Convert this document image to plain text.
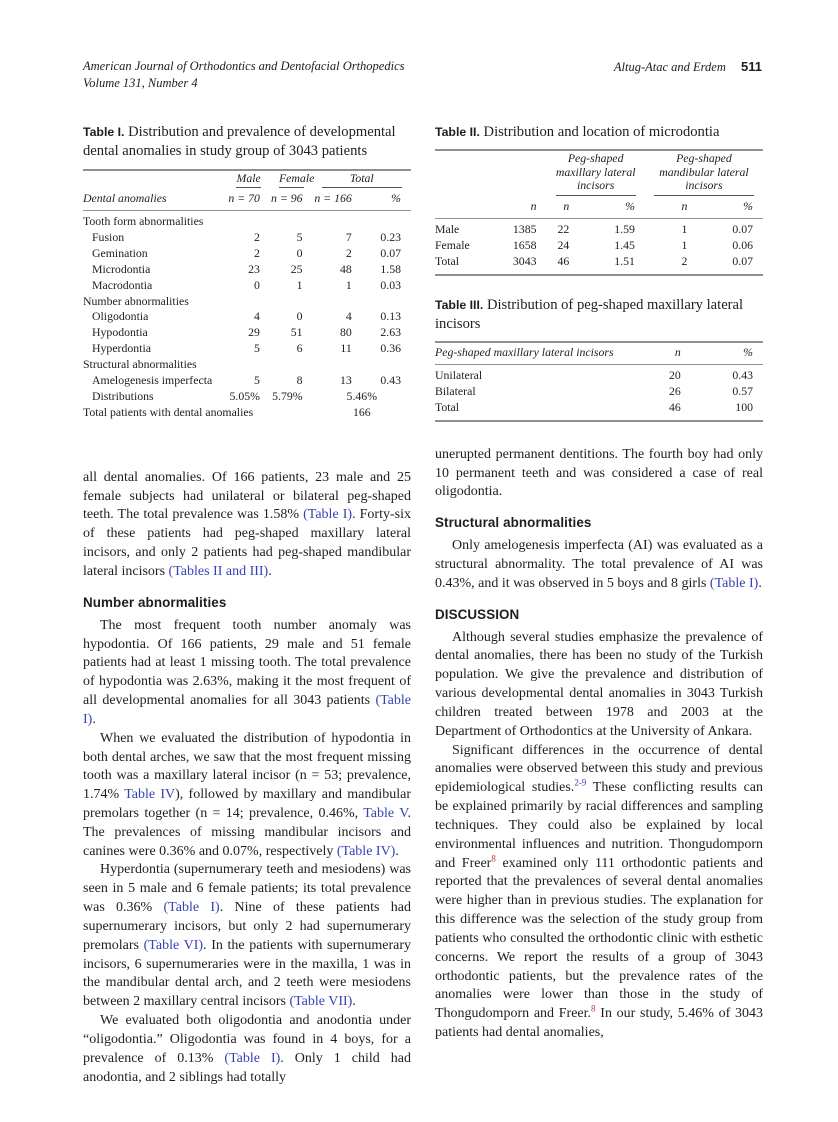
American Journal of Orthodontics and Dentofacial Orthopedics
Volume 131, Number 4
Altug-Atac and Erdem 511

Table I. Distribution and prevalence of developmental dental anomalies in study group of 3043 patients

	Male	Female	Total	

Dental anomalies	n = 70	n = 96	n = 166	%
Tooth form abnormalities				
Fusion	2	5	7	0.23
Gemination	2	0	2	0.07
Microdontia	23	25	48	1.58
Macrodontia	0	1	1	0.03
Number abnormalities				
Oligodontia	4	0	4	0.13
Hypodontia	29	51	80	2.63
Hyperdontia	5	6	11	0.36
Structural abnormalities				
Amelogenesis imperfecta	5	8	13	0.43
Distributions	5.05%	5.79%	5.46%	
Total patients with dental anomalies			166	

all dental anomalies. Of 166 patients, 23 male and 25 female subjects had unilateral or bilateral peg-shaped teeth. The total prevalence was 1.58% (Table I). Forty-six of these patients had peg-shaped maxillary lateral incisors, and only 2 patients had peg-shaped mandibular lateral incisors (Tables II and III).

Number abnormalities

The most frequent tooth number anomaly was hypodontia. Of 166 patients, 29 male and 51 female patients had at least 1 missing tooth. The total prevalence of hypodontia was 2.63%, making it the most frequent of all developmental anomalies for all 3043 patients (Table I).

When we evaluated the distribution of hypodontia in both dental arches, we saw that the most frequent missing tooth was a maxillary lateral incisor (n = 53; prevalence, 1.74% Table IV), followed by maxillary and mandibular premolars together (n = 14; prevalence, 0.46%, Table V. The prevalences of missing mandibular incisors and canines were 0.36% and 0.07%, respectively (Table IV).

Hyperdontia (supernumerary teeth and mesiodens) was seen in 5 male and 6 female patients; its total prevalence was 0.36% (Table I). Nine of these patients had supernumerary incisors, but only 2 had supernumerary premolars (Table VI). In the patients with supernumerary incisors, 6 supernumeraries were in the maxilla, 1 was in the mandibular dental arch, and 2 teeth were mesiodens between 2 maxillary central incisors (Table VII).

We evaluated both oligodontia and anodontia under “oligodontia.” Oligodontia was found in 4 boys, for a prevalence of 0.13% (Table I). Only 1 child had anodontia, and 2 siblings had totally

Table II. Distribution and location of microdontia

		Peg-shaped maxillary lateral incisors		Peg-shaped mandibular lateral incisors	

	n	n	%	n	%
Male	1385	22	1.59	1	0.07
Female	1658	24	1.45	1	0.06
Total	3043	46	1.51	2	0.07

Table III. Distribution of peg-shaped maxillary lateral incisors

Peg-shaped maxillary lateral incisors	n	%
Unilateral	20	0.43
Bilateral	26	0.57
Total	46	100

unerupted permanent dentitions. The fourth boy had only 10 permanent teeth and was considered a case of real oligodontia.

Structural abnormalities

Only amelogenesis imperfecta (AI) was evaluated as a structural abnormality. The total prevalence of AI was 0.43%, and it was observed in 5 boys and 8 girls (Table I).

DISCUSSION

Although several studies emphasize the prevalence of dental anomalies, there has been no study of the Turkish population. We give the prevalence and distribution of various developmental dental anomalies in 3043 Turkish children treated between 1978 and 2003 at the Department of Orthodontics at the University of Ankara.

Significant differences in the occurrence of dental anomalies were observed between this study and previous epidemiological studies.$^{2-9}$ These conflicting results can be explained primarily by racial differences and sampling techniques. They could also be explained by local environmental influences and nutrition. Thongudomporn and Freer$^8$ examined only 111 orthodontic patients and reported that the prevalences of several dental anomalies were higher than in previous studies. The explanation for this difference was the selection of the study group from patients who consulted the orthodontic clinic with esthetic concerns. We report the results of a group of 3043 orthodontic patients, but the prevalence rates of the anomalies were lower than those in the study of Thongudomporn and Freer.$^8$ In our study, 5.46% of 3043 patients had dental anomalies,
